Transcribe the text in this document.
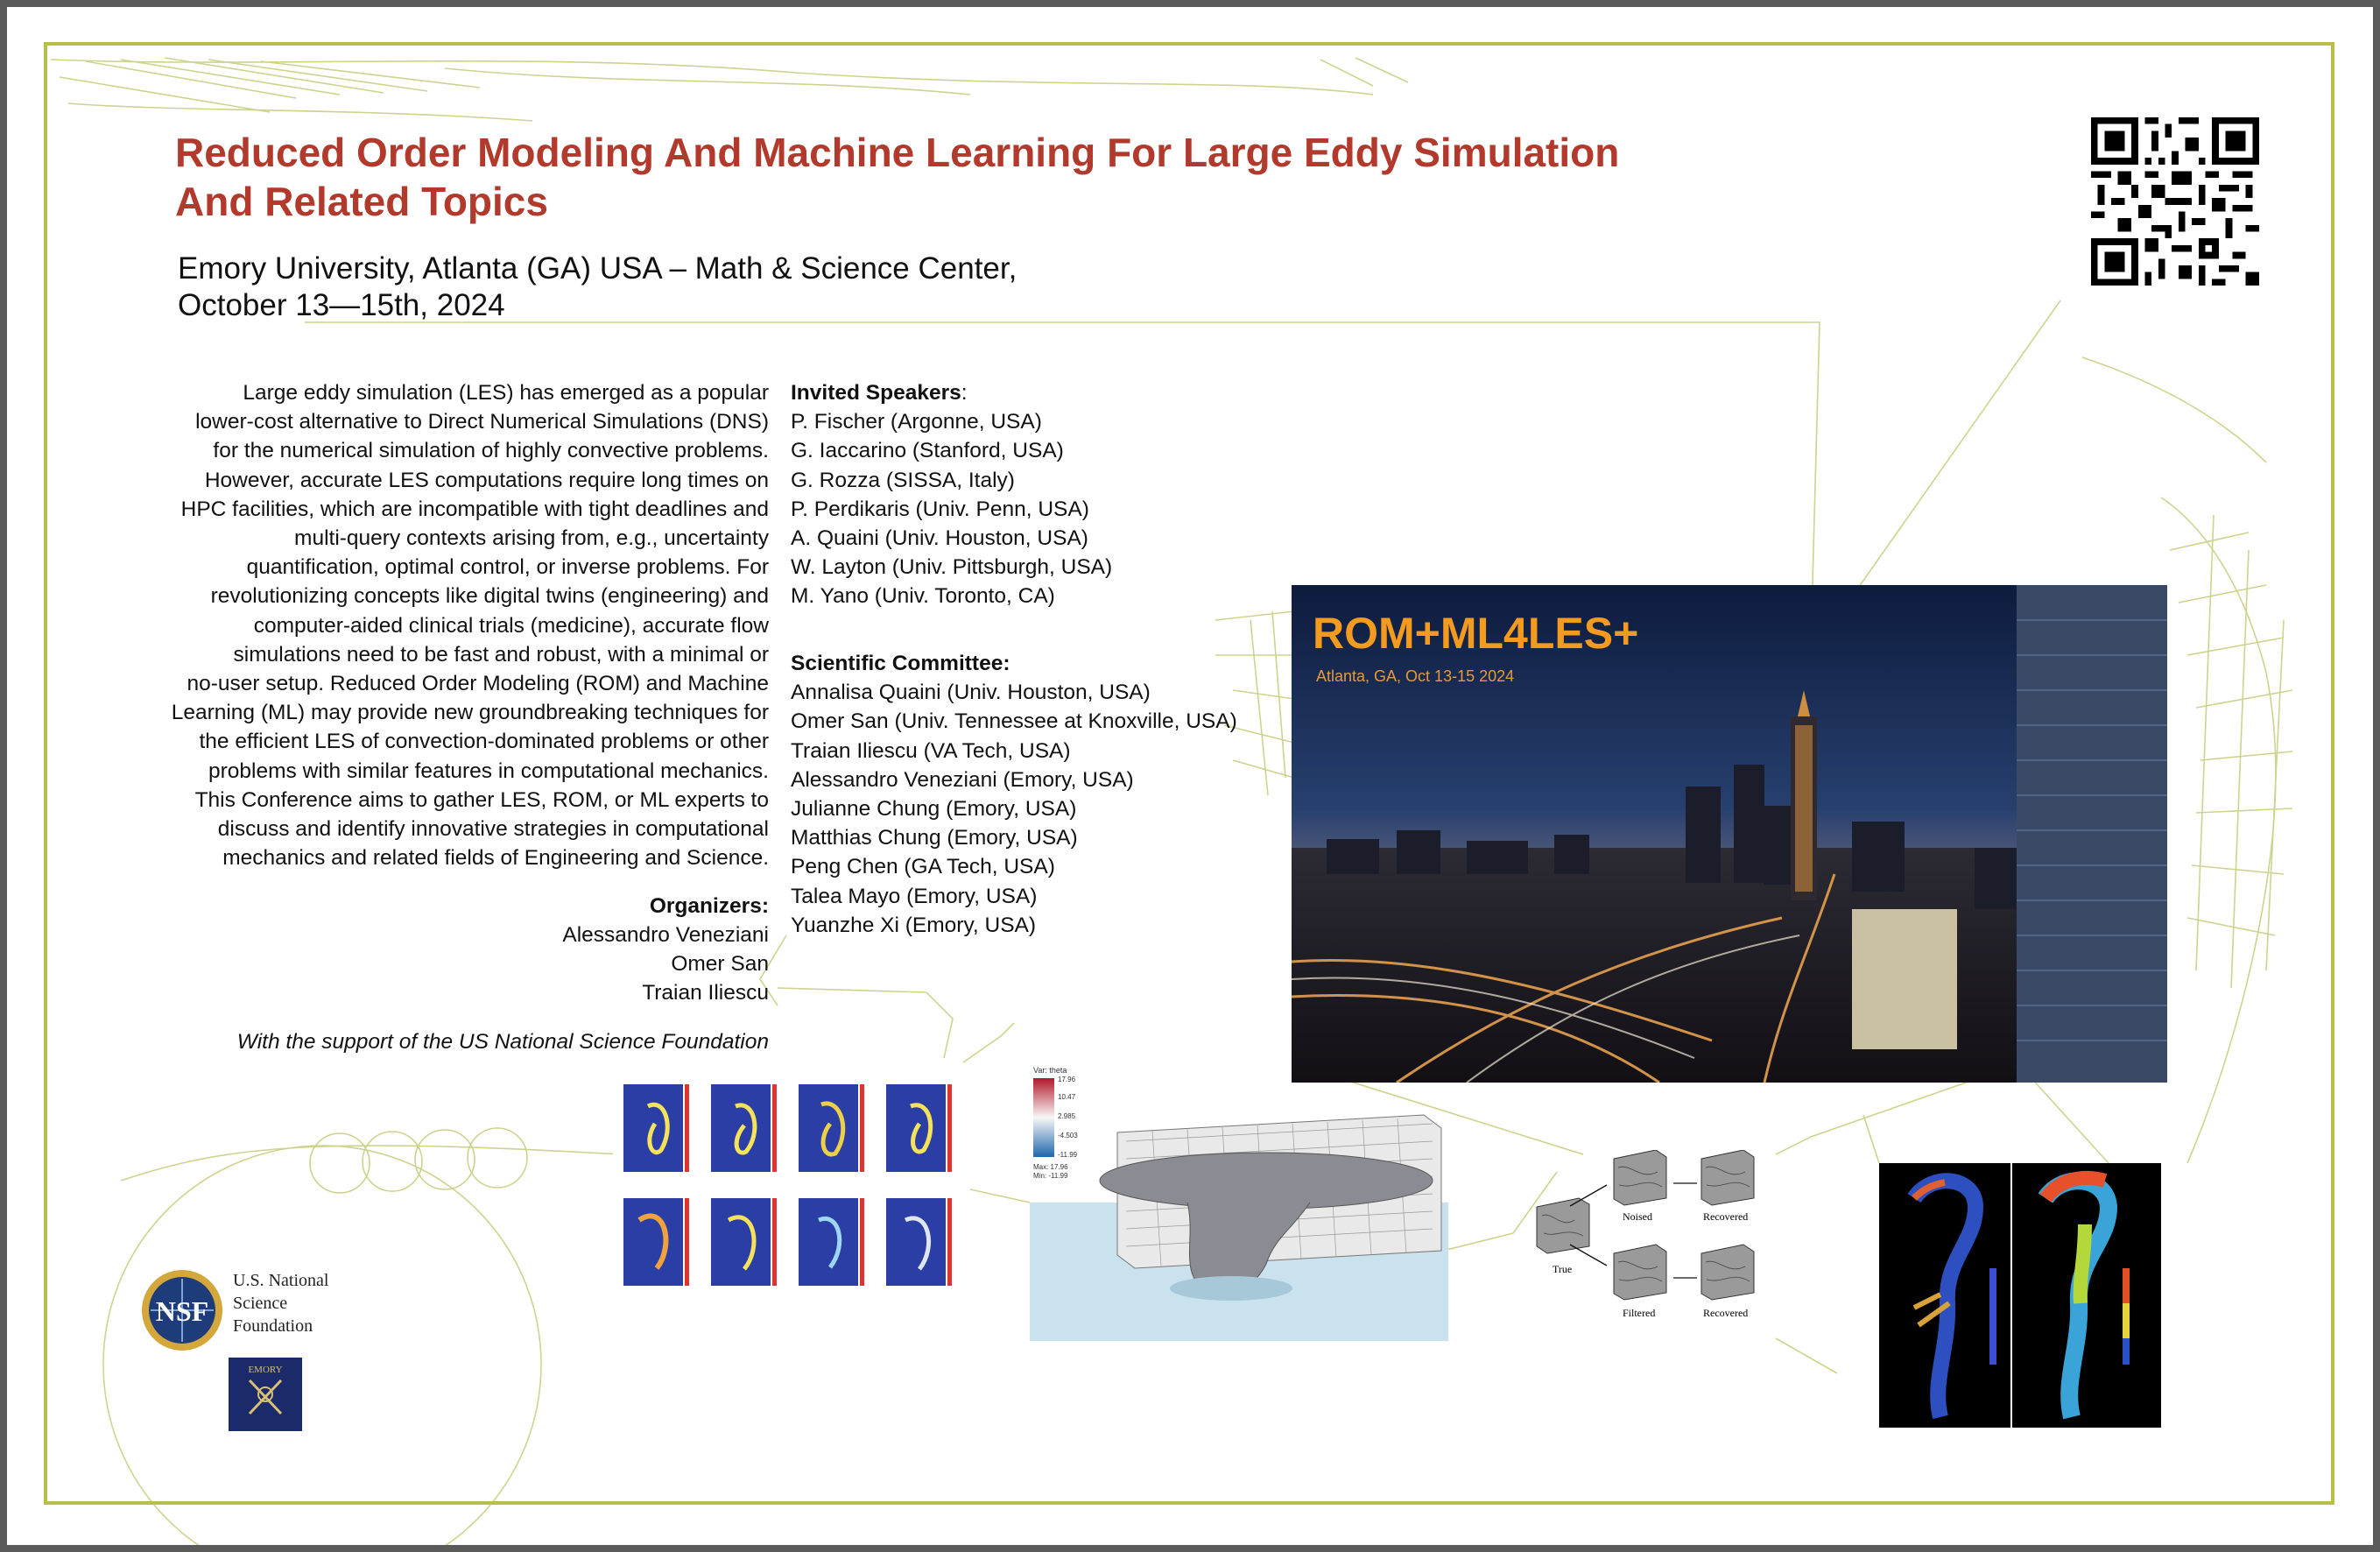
Reduced Order Modeling And Machine Learning For Large Eddy Simulation And Related Topics
Emory University, Atlanta (GA) USA – Math & Science Center,
October 13—15th, 2024
Large eddy simulation (LES) has emerged as a popular
lower-cost alternative to Direct Numerical Simulations (DNS)
for the numerical simulation of highly convective problems.
However, accurate LES computations require long times on
HPC facilities, which are incompatible with tight deadlines and
multi-query contexts arising from, e.g., uncertainty
quantification, optimal control, or inverse problems. For
revolutionizing concepts like digital twins (engineering) and
computer-aided clinical trials (medicine), accurate flow
simulations need to be fast and robust, with a minimal or
no-user setup. Reduced Order Modeling (ROM) and Machine
Learning (ML) may provide new groundbreaking techniques for
the efficient LES of convection-dominated problems or other
problems with similar features in computational mechanics.
This Conference aims to gather LES, ROM, or ML experts to
discuss and identify innovative strategies in computational
mechanics and related fields of Engineering and Science.
Organizers:
Alessandro Veneziani
Omer San
Traian Iliescu
With the support of the US National Science Foundation
Invited Speakers:
P. Fischer (Argonne, USA)
G. Iaccarino (Stanford, USA)
G. Rozza (SISSA, Italy)
P. Perdikaris (Univ. Penn, USA)
A. Quaini (Univ. Houston, USA)
W. Layton (Univ. Pittsburgh, USA)
M. Yano (Univ. Toronto, CA)
Scientific Committee:
Annalisa Quaini (Univ. Houston, USA)
Omer San (Univ. Tennessee at Knoxville, USA)
Traian Iliescu (VA Tech, USA)
Alessandro Veneziani (Emory, USA)
Julianne Chung (Emory, USA)
Matthias Chung (Emory, USA)
Peng Chen (GA Tech, USA)
Talea Mayo (Emory, USA)
Yuanzhe Xi (Emory, USA)
ROM+ML4LES+
Atlanta, GA, Oct 13-15 2024
Var: theta
17.96
10.47
2.985
-4.503
-11.99
Max: 17.96
Min: -11.99
True
Noised	Recovered
Filtered	Recovered
NSF
U.S. National
Science
Foundation
EMORY
